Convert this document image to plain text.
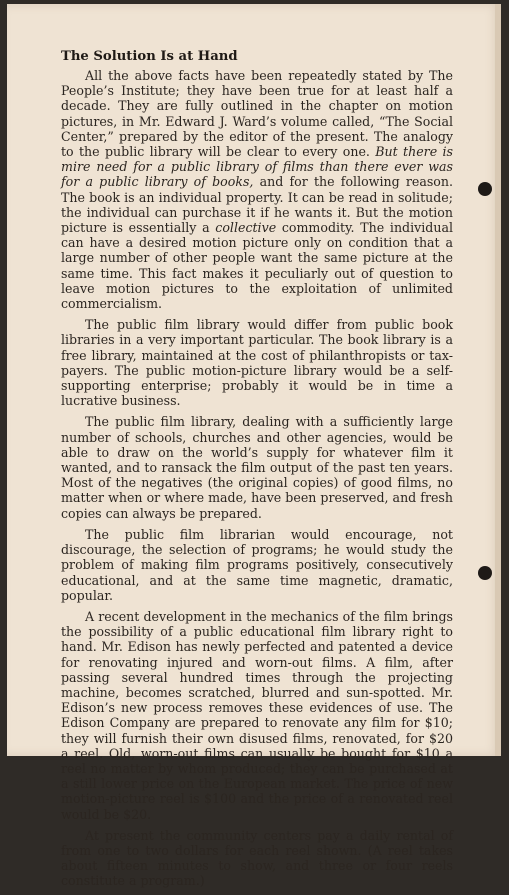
The Solution Is at Hand

All the above facts have been repeatedly stated by The People’s Institute; they have been true for at least half a decade. They are fully outlined in the chapter on motion pictures, in Mr. Edward J. Ward’s volume called, “The Social Center,” prepared by the editor of the present. The analogy to the public library will be clear to every one. But there is mire need for a public library of films than there ever was for a public library of books, and for the following reason. The book is an individual property. It can be read in solitude; the individual can purchase it if he wants it. But the motion picture is essentially a collective commodity. The individual can have a desired motion picture only on condition that a large number of other people want the same picture at the same time. This fact makes it peculiarly out of question to leave motion pictures to the exploitation of unlimited commercialism.

The public film library would differ from public book libraries in a very important particular. The book library is a free library, maintained at the cost of philanthropists or tax-payers. The public motion-picture library would be a self-supporting enterprise; probably it would be in time a lucrative business.

The public film library, dealing with a sufficiently large number of schools, churches and other agencies, would be able to draw on the world’s supply for whatever film it wanted, and to ransack the film output of the past ten years. Most of the negatives (the original copies) of good films, no matter when or where made, have been preserved, and fresh copies can always be prepared.

The public film librarian would encourage, not discourage, the selection of programs; he would study the problem of making film programs positively, consecutively educational, and at the same time magnetic, dramatic, popular.

A recent development in the mechanics of the film brings the possibility of a public educational film library right to hand. Mr. Edison has newly perfected and patented a device for renovating injured and worn-out films. A film, after passing several hundred times through the projecting machine, becomes scratched, blurred and sun-spotted. Mr. Edison’s new process removes these evidences of use. The Edison Company are prepared to renovate any film for $10; they will furnish their own disused films, renovated, for $20 a reel. Old, worn-out films can usually be bought for $10 a reel no matter by whom produced; they can be purchased at a still lower price on the European market. The price of new motion-picture reel is $100 and the price of a renovated reel would be $20.

At present the community centers pay a daily rental of from one to two dollars for each reel shown. (A reel takes about fifteen minutes to show, and three or four reels constitute a program.)
